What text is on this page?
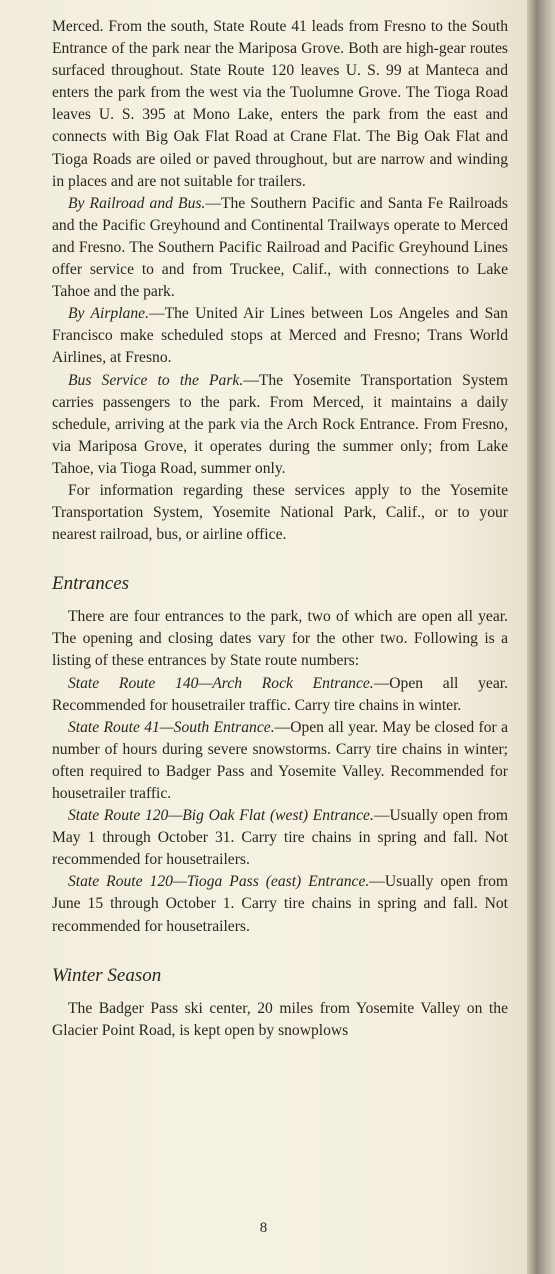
Merced. From the south, State Route 41 leads from Fresno to the South Entrance of the park near the Mariposa Grove. Both are high-gear routes surfaced throughout. State Route 120 leaves U. S. 99 at Manteca and enters the park from the west via the Tuolumne Grove. The Tioga Road leaves U. S. 395 at Mono Lake, enters the park from the east and connects with Big Oak Flat Road at Crane Flat. The Big Oak Flat and Tioga Roads are oiled or paved throughout, but are narrow and winding in places and are not suitable for trailers.

By Railroad and Bus.—The Southern Pacific and Santa Fe Railroads and the Pacific Greyhound and Continental Trailways operate to Merced and Fresno. The Southern Pacific Railroad and Pacific Greyhound Lines offer service to and from Truckee, Calif., with connections to Lake Tahoe and the park.

By Airplane.—The United Air Lines between Los Angeles and San Francisco make scheduled stops at Merced and Fresno; Trans World Airlines, at Fresno.

Bus Service to the Park.—The Yosemite Transportation System carries passengers to the park. From Merced, it maintains a daily schedule, arriving at the park via the Arch Rock Entrance. From Fresno, via Mariposa Grove, it operates during the summer only; from Lake Tahoe, via Tioga Road, summer only.

For information regarding these services apply to the Yosemite Transportation System, Yosemite National Park, Calif., or to your nearest railroad, bus, or airline office.

Entrances

There are four entrances to the park, two of which are open all year. The opening and closing dates vary for the other two. Following is a listing of these entrances by State route numbers:

State Route 140—Arch Rock Entrance.—Open all year. Recommended for housetrailer traffic. Carry tire chains in winter.

State Route 41—South Entrance.—Open all year. May be closed for a number of hours during severe snowstorms. Carry tire chains in winter; often required to Badger Pass and Yosemite Valley. Recommended for housetrailer traffic.

State Route 120—Big Oak Flat (west) Entrance.—Usually open from May 1 through October 31. Carry tire chains in spring and fall. Not recommended for housetrailers.

State Route 120—Tioga Pass (east) Entrance.—Usually open from June 15 through October 1. Carry tire chains in spring and fall. Not recommended for housetrailers.

Winter Season

The Badger Pass ski center, 20 miles from Yosemite Valley on the Glacier Point Road, is kept open by snowplows

8
